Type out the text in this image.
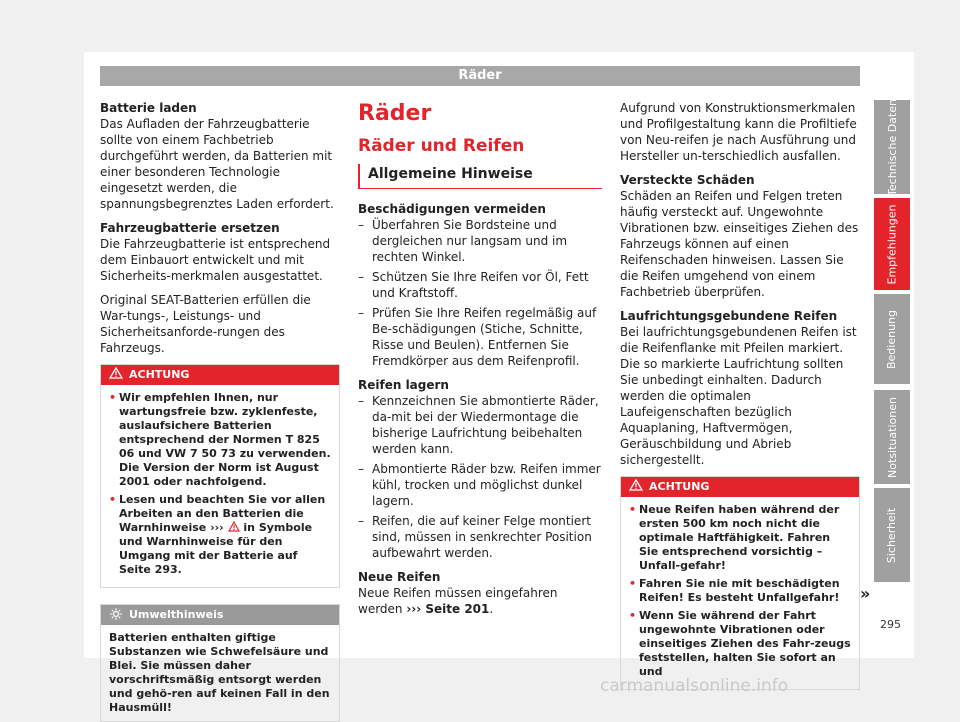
Räder

Batterie laden

Das Aufladen der Fahrzeugbatterie sollte von einem Fachbetrieb durchgeführt werden, da Batterien mit einer besonderen Technologie eingesetzt werden, die spannungsbegrenztes Laden erfordert.

Fahrzeugbatterie ersetzen

Die Fahrzeugbatterie ist entsprechend dem Einbauort entwickelt und mit Sicherheits-merkmalen ausgestattet.

Original SEAT-Batterien erfüllen die War-tungs-, Leistungs- und Sicherheitsanforde-rungen des Fahrzeugs.

ACHTUNG
• Wir empfehlen Ihnen, nur wartungsfreie bzw. zyklenfeste, auslaufsichere Batterien entsprechend der Normen T 825 06 und VW 7 50 73 zu verwenden. Die Version der Norm ist August 2001 oder nachfolgend.
• Lesen und beachten Sie vor allen Arbeiten an den Batterien die Warnhinweise ››› in Symbole und Warnhinweise für den Umgang mit der Batterie auf Seite 293.
Umwelthinweis
Batterien enthalten giftige Substanzen wie Schwefelsäure und Blei. Sie müssen daher vorschriftsmäßig entsorgt werden und gehö-ren auf keinen Fall in den Hausmüll!
Räder
Räder und Reifen
Allgemeine Hinweise

Beschädigungen vermeiden

– Überfahren Sie Bordsteine und dergleichen nur langsam und im rechten Winkel.
– Schützen Sie Ihre Reifen vor Öl, Fett und Kraftstoff.
– Prüfen Sie Ihre Reifen regelmäßig auf Be-schädigungen (Stiche, Schnitte, Risse und Beulen). Entfernen Sie Fremdkörper aus dem Reifenprofil.

Reifen lagern

– Kennzeichnen Sie abmontierte Räder, da-mit bei der Wiedermontage die bisherige Laufrichtung beibehalten werden kann.
– Abmontierte Räder bzw. Reifen immer kühl, trocken und möglichst dunkel lagern.
– Reifen, die auf keiner Felge montiert sind, müssen in senkrechter Position aufbewahrt werden.

Neue Reifen

Neue Reifen müssen eingefahren werden ››› Seite 201.

Aufgrund von Konstruktionsmerkmalen und Profilgestaltung kann die Profiltiefe von Neu-reifen je nach Ausführung und Hersteller un-terschiedlich ausfallen.

Versteckte Schäden

Schäden an Reifen und Felgen treten häufig versteckt auf. Ungewohnte Vibrationen bzw. einseitiges Ziehen des Fahrzeugs können auf einen Reifenschaden hinweisen. Lassen Sie die Reifen umgehend von einem Fachbetrieb überprüfen.

Laufrichtungsgebundene Reifen

Bei laufrichtungsgebundenen Reifen ist die Reifenflanke mit Pfeilen markiert. Die so markierte Laufrichtung sollten Sie unbedingt einhalten. Dadurch werden die optimalen Laufeigenschaften bezüglich Aquaplaning, Haftvermögen, Geräuschbildung und Abrieb sichergestellt.

ACHTUNG
• Neue Reifen haben während der ersten 500 km noch nicht die optimale Haftfähigkeit. Fahren Sie entsprechend vorsichtig – Unfall-gefahr!
• Fahren Sie nie mit beschädigten Reifen! Es besteht Unfallgefahr!
• Wenn Sie während der Fahrt ungewohnte Vibrationen oder einseitiges Ziehen des Fahr-zeugs feststellen, halten Sie sofort an und
»
Technische Daten
Empfehlungen
Bedienung
Notsituationen
Sicherheit
295
carmanualsonline.info
